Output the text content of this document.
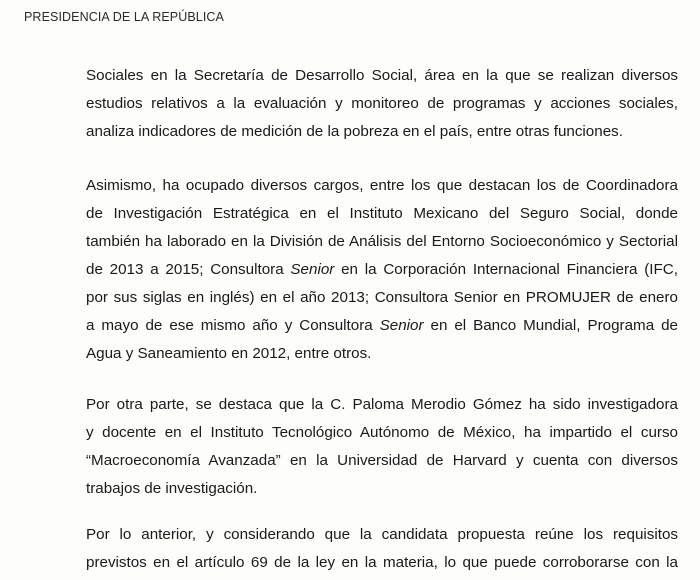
PRESIDENCIA DE LA REPÚBLICA
Sociales en la Secretaría de Desarrollo Social, área en la que se realizan diversos
estudios relativos a la evaluación y monitoreo de programas y acciones sociales,
analiza indicadores de medición de la pobreza en el país, entre otras funciones.
Asimismo, ha ocupado diversos cargos, entre los que destacan los de Coordinadora
de Investigación Estratégica en el Instituto Mexicano del Seguro Social, donde
también ha laborado en la División de Análisis del Entorno Socioeconómico y Sectorial
de 2013 a 2015; Consultora Senior en la Corporación Internacional Financiera (IFC,
por sus siglas en inglés) en el año 2013; Consultora Senior en PROMUJER de enero
a mayo de ese mismo año y Consultora Senior en el Banco Mundial, Programa de
Agua y Saneamiento en 2012, entre otros.
Por otra parte, se destaca que la C. Paloma Merodio Gómez ha sido investigadora
y docente en el Instituto Tecnológico Autónomo de México, ha impartido el curso
“Macroeconomía Avanzada” en la Universidad de Harvard y cuenta con diversos
trabajos de investigación.
Por lo anterior, y considerando que la candidata propuesta reúne los requisitos
previstos en el artículo 69 de la ley en la materia, lo que puede corroborarse con la
